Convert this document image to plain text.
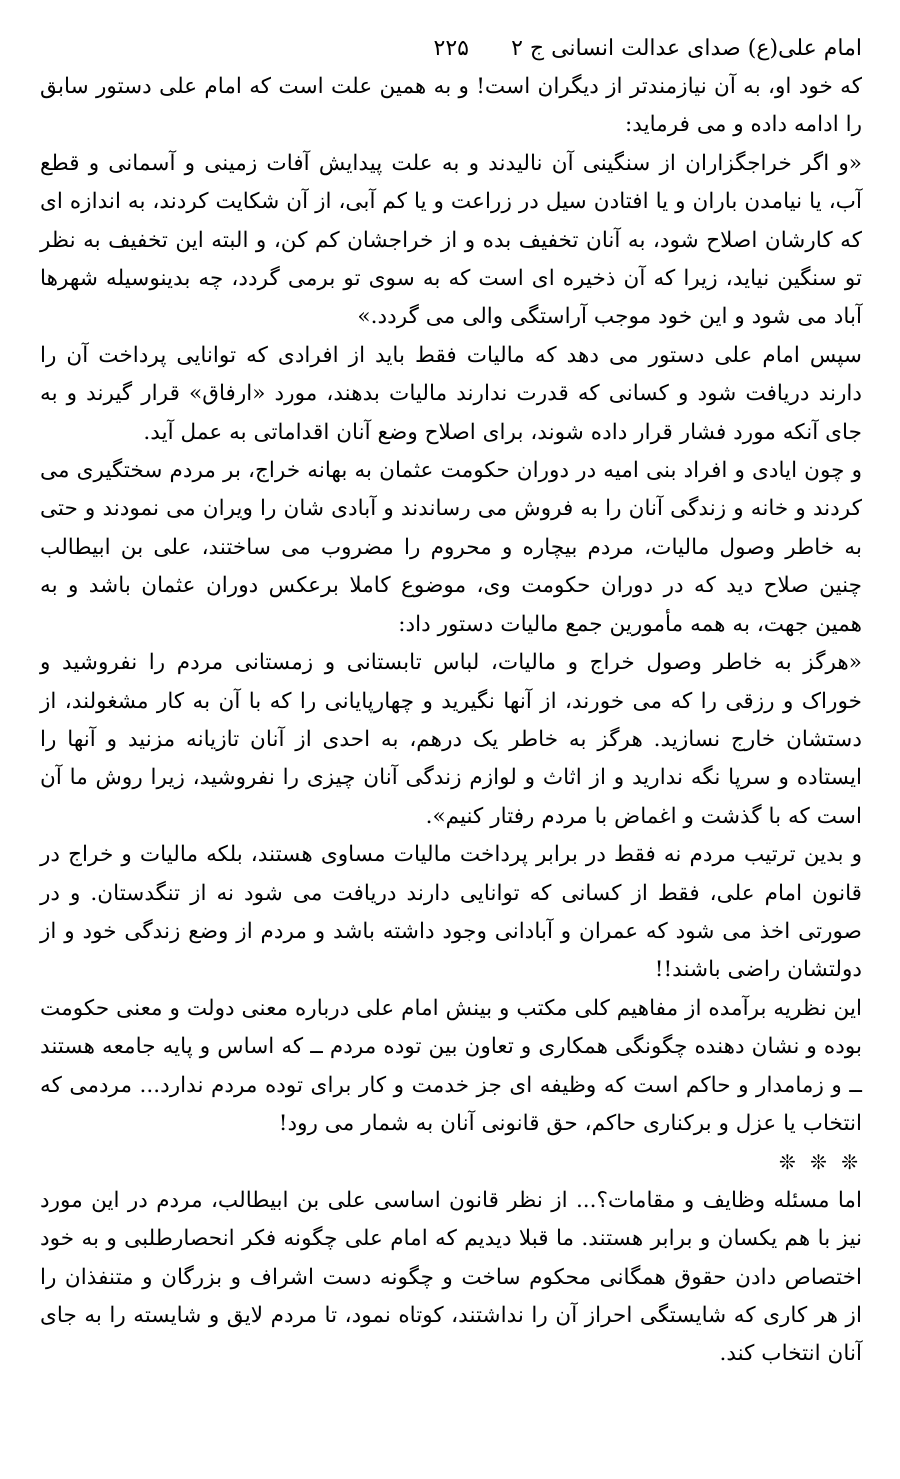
امام علی(ع) صدای عدالت انسانی ج ۲
۲۲۵

که خود او، به آن نیازمندتر از دیگران است! و به همین علت است که امام علی دستور سابق را ادامه داده و می فرماید:

«و اگر خراجگزاران از سنگینی آن نالیدند و به علت پیدایش آفات زمینی و آسمانی و قطع آب، یا نیامدن باران و یا افتادن سیل در زراعت و یا کم آبی، از آن شکایت کردند، به اندازه ای که کارشان اصلاح شود، به آنان تخفیف بده و از خراجشان کم کن، و البته این تخفیف به نظر تو سنگین نیاید، زیرا که آن ذخیره ای است که به سوی تو برمی گردد، چه بدینوسیله شهرها آباد می شود و این خود موجب آراستگی والی می گردد.»

سپس امام علی دستور می دهد که مالیات فقط باید از افرادی که توانایی پرداخت آن را دارند دریافت شود و کسانی که قدرت ندارند مالیات بدهند، مورد «ارفاق» قرار گیرند و به جای آنکه مورد فشار قرار داده شوند، برای اصلاح وضع آنان اقداماتی به عمل آید.

و چون ایادی و افراد بنی امیه در دوران حکومت عثمان به بهانه خراج، بر مردم سختگیری می کردند و خانه و زندگی آنان را به فروش می رساندند و آبادی شان را ویران می نمودند و حتی به خاطر وصول مالیات، مردم بیچاره و محروم را مضروب می ساختند، علی بن ابیطالب چنین صلاح دید که در دوران حکومت وی، موضوع کاملا برعکس دوران عثمان باشد و به همین جهت، به همه مأمورین جمع مالیات دستور داد:

«هرگز به خاطر وصول خراج و مالیات، لباس تابستانی و زمستانی مردم را نفروشید و خوراک و رزقی را که می خورند، از آنها نگیرید و چهارپایانی را که با آن به کار مشغولند، از دستشان خارج نسازید. هرگز به خاطر یک درهم، به احدی از آنان تازیانه مزنید و آنها را ایستاده و سرپا نگه ندارید و از اثاث و لوازم زندگی آنان چیزی را نفروشید، زیرا روش ما آن است که با گذشت و اغماض با مردم رفتار کنیم».

و بدین ترتیب مردم نه فقط در برابر پرداخت مالیات مساوی هستند، بلکه مالیات و خراج در قانون امام علی، فقط از کسانی که توانایی دارند دریافت می شود نه از تنگدستان. و در صورتی اخذ می شود که عمران و آبادانی وجود داشته باشد و مردم از وضع زندگی خود و از دولتشان راضی باشند!!

این نظریه برآمده از مفاهیم کلی مکتب و بینش امام علی درباره معنی دولت و معنی حکومت بوده و نشان دهنده چگونگی همکاری و تعاون بین توده مردم ــ که اساس و پایه جامعه هستند ــ و زمامدار و حاکم است که وظیفه ای جز خدمت و کار برای توده مردم ندارد... مردمی که انتخاب یا عزل و برکناری حاکم، حق قانونی آنان به شمار می رود!

❊ ❊ ❊

اما مسئله وظایف و مقامات؟... از نظر قانون اساسی علی بن ابیطالب، مردم در این مورد نیز با هم یکسان و برابر هستند. ما قبلا دیدیم که امام علی چگونه فکر انحصارطلبی و به خود اختصاص دادن حقوق همگانی محکوم ساخت و چگونه دست اشراف و بزرگان و متنفذان را از هر کاری که شایستگی احراز آن را نداشتند، کوتاه نمود، تا مردم لایق و شایسته را به جای آنان انتخاب کند.
